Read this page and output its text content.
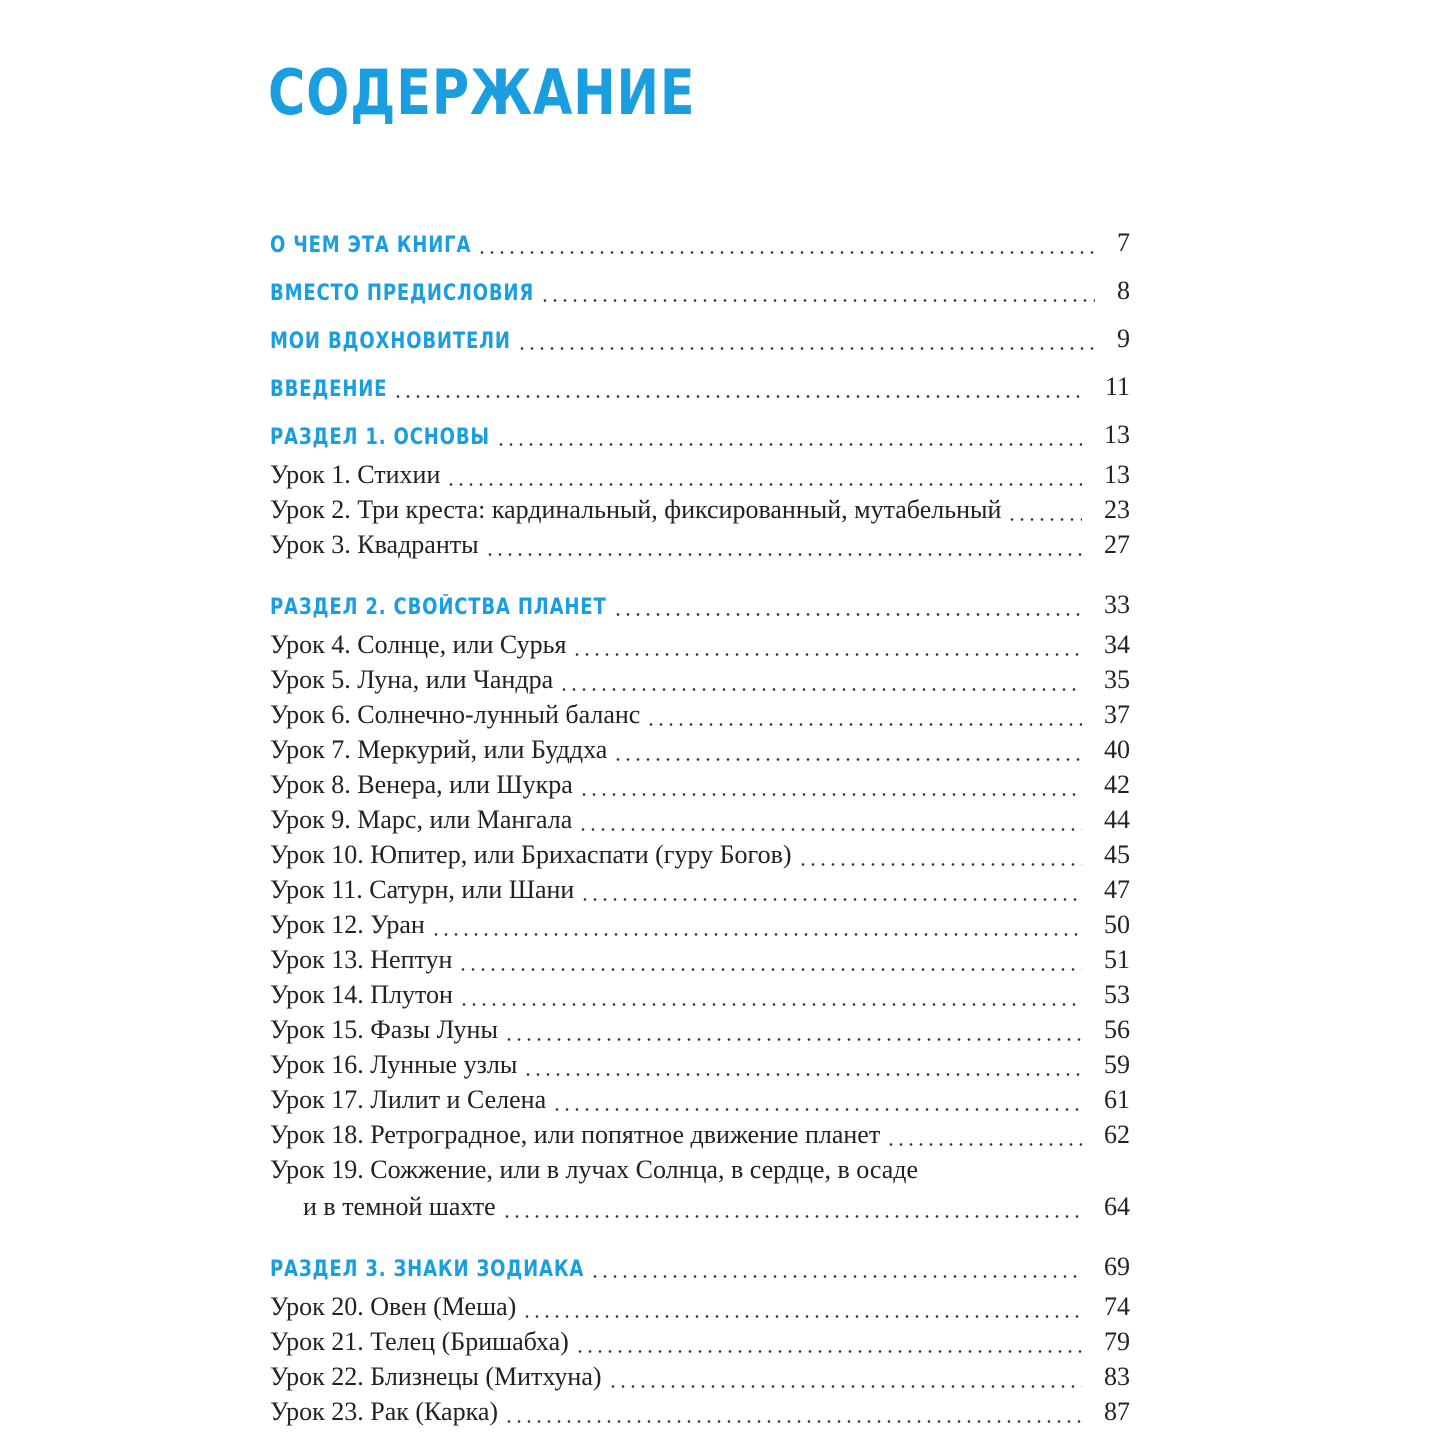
СОДЕРЖАНИЕ
О ЧЕМ ЭТА КНИГА	7
ВМЕСТО ПРЕДИСЛОВИЯ	8
МОИ ВДОХНОВИТЕЛИ	9
ВВЕДЕНИЕ	11
РАЗДЕЛ 1. ОСНОВЫ	13
Урок 1. Стихии	13
Урок 2. Три креста: кардинальный, фиксированный, мутабельный	23
Урок 3. Квадранты	27
РАЗДЕЛ 2. СВОЙСТВА ПЛАНЕТ	33
Урок 4. Солнце, или Сурья	34
Урок 5. Луна, или Чандра	35
Урок 6. Солнечно-лунный баланс	37
Урок 7. Меркурий, или Буддха	40
Урок 8. Венера, или Шукра	42
Урок 9. Марс, или Мангала	44
Урок 10. Юпитер, или Брихаспати (гуру Богов)	45
Урок 11. Сатурн, или Шани	47
Урок 12. Уран	50
Урок 13. Нептун	51
Урок 14. Плутон	53
Урок 15. Фазы Луны	56
Урок 16. Лунные узлы	59
Урок 17. Лилит и Селена	61
Урок 18. Ретроградное, или попятное движение планет	62
Урок 19. Сожжение, или в лучах Солнца, в сердце, в осаде
и в темной шахте	64
РАЗДЕЛ 3. ЗНАКИ ЗОДИАКА	69
Урок 20. Овен (Меша)	74
Урок 21. Телец (Бришабха)	79
Урок 22. Близнецы (Митхуна)	83
Урок 23. Рак (Карка)	87
